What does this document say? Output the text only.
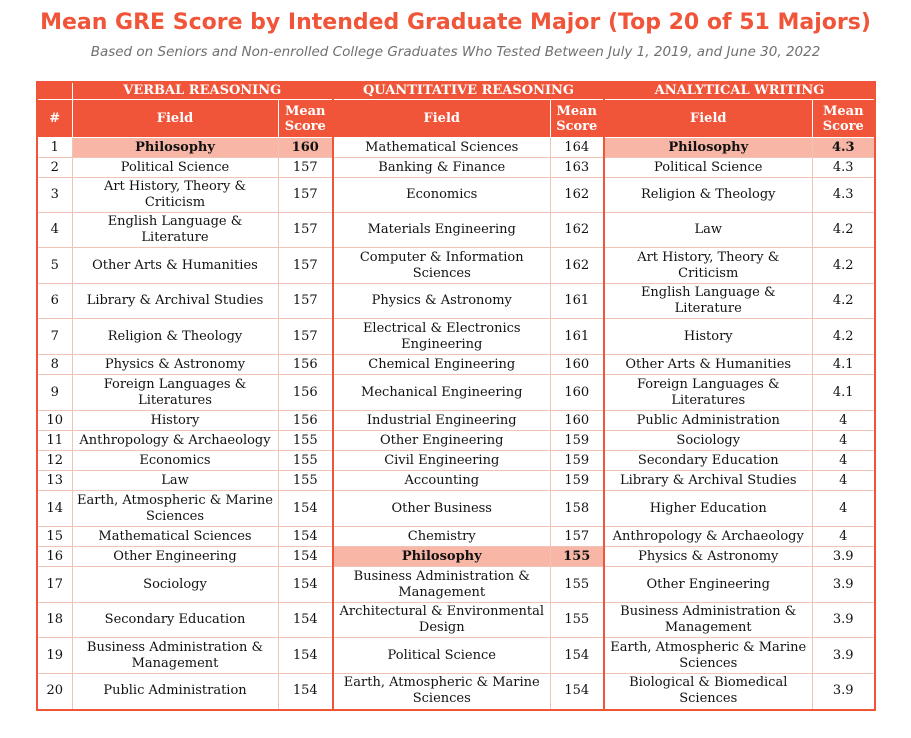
Mean GRE Score by Intended Graduate Major (Top 20 of 51 Majors)
Based on Seniors and Non-enrolled College Graduates Who Tested Between July 1, 2019, and June 30, 2022
	VERBAL REASONING		QUANTITATIVE REASONING		ANALYTICAL WRITING	
#	Field	Mean Score	Field	Mean Score	Field	Mean Score
1	Philosophy	160	Mathematical Sciences	164	Philosophy	4.3
2	Political Science	157	Banking & Finance	163	Political Science	4.3
3	Art History, Theory & Criticism	157	Economics	162	Religion & Theology	4.3
4	English Language & Literature	157	Materials Engineering	162	Law	4.2
5	Other Arts & Humanities	157	Computer & Information Sciences	162	Art History, Theory & Criticism	4.2
6	Library & Archival Studies	157	Physics & Astronomy	161	English Language & Literature	4.2
7	Religion & Theology	157	Electrical & Electronics Engineering	161	History	4.2
8	Physics & Astronomy	156	Chemical Engineering	160	Other Arts & Humanities	4.1
9	Foreign Languages & Literatures	156	Mechanical Engineering	160	Foreign Languages & Literatures	4.1
10	History	156	Industrial Engineering	160	Public Administration	4
11	Anthropology & Archaeology	155	Other Engineering	159	Sociology	4
12	Economics	155	Civil Engineering	159	Secondary Education	4
13	Law	155	Accounting	159	Library & Archival Studies	4
14	Earth, Atmospheric & Marine Sciences	154	Other Business	158	Higher Education	4
15	Mathematical Sciences	154	Chemistry	157	Anthropology & Archaeology	4
16	Other Engineering	154	Philosophy	155	Physics & Astronomy	3.9
17	Sociology	154	Business Administration & Management	155	Other Engineering	3.9
18	Secondary Education	154	Architectural & Environmental Design	155	Business Administration & Management	3.9
19	Business Administration & Management	154	Political Science	154	Earth, Atmospheric & Marine Sciences	3.9
20	Public Administration	154	Earth, Atmospheric & Marine Sciences	154	Biological & Biomedical Sciences	3.9
